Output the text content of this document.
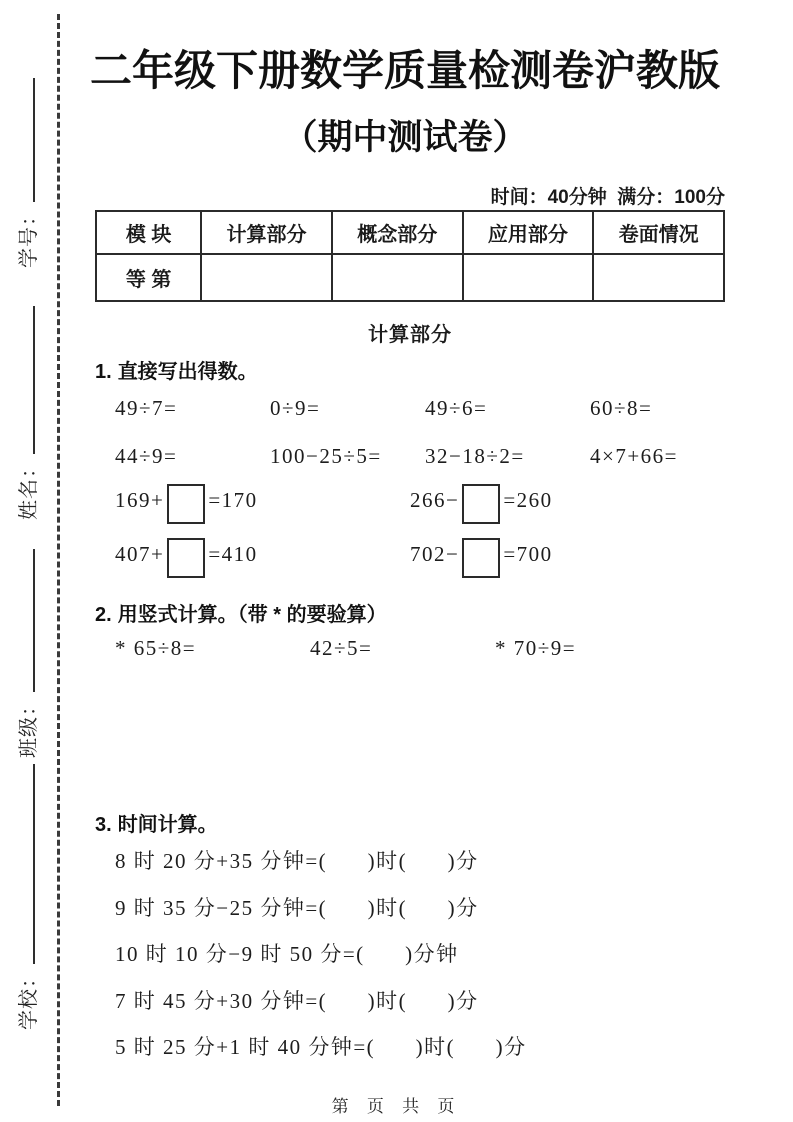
学号：
姓名：
班级：
学校：
二年级下册数学质量检测卷沪教版
（期中测试卷）
时间：40分钟  满分：100分
模 块	计算部分	概念部分	应用部分	卷面情况
等 第				
计算部分
1. 直接写出得数。
49÷7=	0÷9=	49÷6=	60÷8=
44÷9=	100−25÷5=	32−18÷2=	4×7+66=
169+ =170	266− =260
407+ =410	702− =700
2. 用竖式计算。（带 * 的要验算）
* 65÷8=	42÷5=	* 70÷9=
3. 时间计算。
8 时 20 分+35 分钟=(      )时(      )分
9 时 35 分−25 分钟=(      )时(      )分
10 时 10 分−9 时 50 分=(      )分钟
7 时 45 分+30 分钟=(      )时(      )分
5 时 25 分+1 时 40 分钟=(      )时(      )分
第 页 共 页
